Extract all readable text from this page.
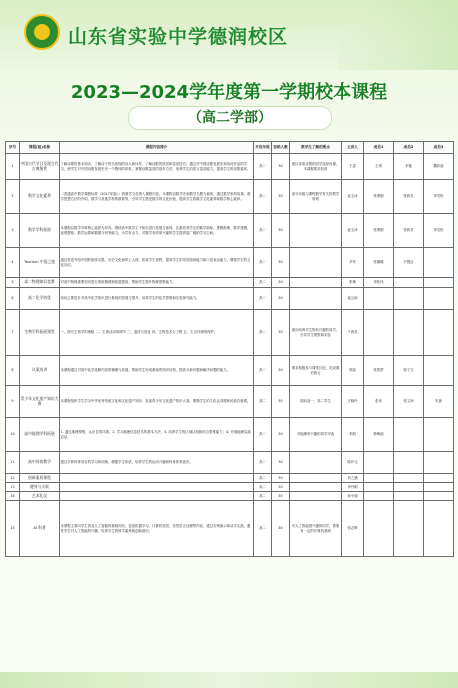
山东省实验中学德润校区
2023—2024学年度第一学期校本课程
（高二学部）
序号	课程(组)名称	课程内容简介	开设年级	容纳人数	教学生了解的要点	主讲人	成员1	成员2	成员3
1	中国古代节日及现当代古典鉴赏	了解诗歌的基本知识，了解诗于时代表现的诗人和诗作，了解诗歌的欣赏和鉴赏技巧；通过对中国诗歌发展史和诗词作品的学习，使学生对中国诗歌发展史有一个整体的印象，掌握诗歌鉴赏的基本方法，培养学生的语言鉴赏能力，提高学生的诗歌素养。	高二	30	建议喜欢诗歌的同学选择此课，本课程要求较高	王春	王玥	李艳	魏彩蓓
2	数学文化素养	《普通高中数学课程标准（2017年版）》将数学文化纳入课程内容，本课程以数学史和数学名题为载体，通过数学家的故事、数学思想方法的介绍、数学与其他学科的联系等，引导学生感受数学的文化价值，提高学生的数学文化素养和数学核心素养。	高二	50	部分年级与课程数学有关的教学规划	崔玉冰	张勇刚	张莉芳	李雪松
3	数学学科拓展	本课程以数学学科核心素养为导向，围绕高中数学主干知识进行拓展与延伸，注重培养学生的数学抽象、逻辑推理、数学建模、直观想象、数学运算和数据分析等能力，为学有余力、对数学有浓厚兴趣的学生提供更广阔的学习空间。	高二	50		崔玉冰	张勇刚	张莉芳	李雪松
4	Tourism 中国之旅	通过英语介绍中国的旅游名胜、历史文化和风土人情，拓宽学生视野，提高学生的英语阅读能力和口语表达能力，增强学生的文化自信。	高二	50		尹军	张娜娜	尹慧洁	
5	高二物理知识竞赛	对高中物理重要知识进行系统梳理和拓展提高，帮助学生提升物理思维能力。	高二	50		张梅	李松伟		
6	高二化学培优	培优主要是针对高中化学知识进行系统的拓展与提升，培养学生的化学思维和实验探究能力。	高二	50		崔云雨			
7	生物学科拓展课堂	一、探究生物学的奥秘 二、生命活动的调节 三、遗传与进化 四、生物技术与工程 五、生态环境的保护。	高二	50	面向培养对生物有兴趣的同学，引导学生观察和实验	于西宾			
8	议案选讲	本课程通过对高中化学选修内容的梳理与拓展，帮助学生形成系统的知识结构，提高分析问题和解决问题的能力。	高二	50	要求积极参与课堂讨论，完成课后练习	郭蓓	张蒙蒙	郭子文	
9	青少年文化遗产知识大赛	本课程组织学生学习中华优秀传统文化和文化遗产知识，参加青少年文化遗产知识大赛，增强学生的文化认同感和民族自豪感。	高二	50	面向高一、高二学生	王晓玲	张贵	张文润	朱琼
10	高中地理学科拓展	1. 通过地理观察，认识自然环境；2. 学习地理信息技术的基本方法；3. 培养学生的区域认知和综合思维能力；4. 开展地理实践活动。	高二	50	对地理有兴趣的同学可选	李航	韩梅丽		
11	高中体育教学	通过多种体育项目的学习和训练，增强学生体质，培养学生的运动兴趣和终身体育意识。	高二	30		陈开元			
12	创新素质课程		高二	50		刘之涵			
13	健身与太极		高二	50		李丹明			
14	艺术礼仪		高二	50		孙小丽			
15	AI 科普	本课程主要向学生普及人工智能的基础知识，包括机器学习、计算机视觉、自然语言处理等内容，通过实例演示和动手实践，激发学生对人工智能的兴趣，培养学生的科学素养和创新意识。	高二	50	对人工智能感兴趣的同学，需要有一定的计算机基础	张志辉			
